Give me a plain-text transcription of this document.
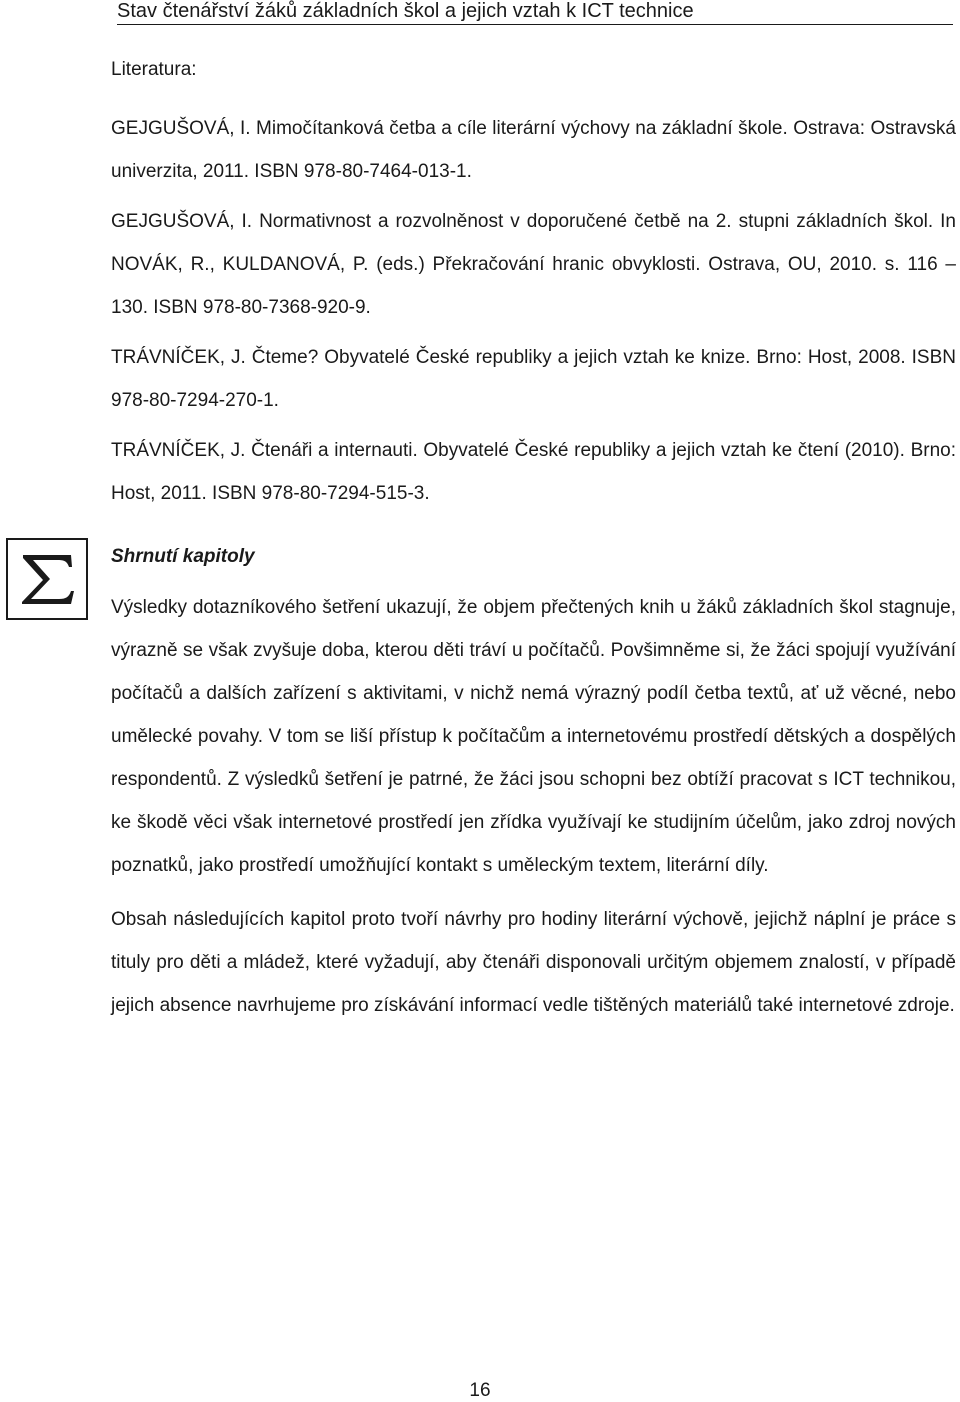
Stav čtenářství žáků základních škol a jejich vztah k ICT technice

Literatura:

GEJGUŠOVÁ, I. Mimočítanková četba a cíle literární výchovy na základní škole. Ostrava: Ostravská univerzita, 2011. ISBN 978-80-7464-013-1.

GEJGUŠOVÁ, I. Normativnost a rozvolněnost v doporučené četbě na 2. stupni základních škol. In NOVÁK, R., KULDANOVÁ, P. (eds.) Překračování hranic obvyklosti. Ostrava, OU, 2010. s. 116 – 130. ISBN 978-80-7368-920-9.

TRÁVNÍČEK, J. Čteme? Obyvatelé České republiky a jejich vztah ke knize. Brno: Host, 2008. ISBN 978-80-7294-270-1.

TRÁVNÍČEK, J. Čtenáři a internauti. Obyvatelé České republiky a jejich vztah ke čtení (2010). Brno: Host, 2011. ISBN 978-80-7294-515-3.

Shrnutí kapitoly

Výsledky dotazníkového šetření ukazují, že objem přečtených knih u žáků základních škol stagnuje, výrazně se však zvyšuje doba, kterou děti tráví u počítačů. Povšimněme si, že žáci spojují využívání počítačů a dalších zařízení s aktivitami, v nichž nemá výrazný podíl četba textů, ať už věcné, nebo umělecké povahy. V tom se liší přístup k počítačům a internetovému prostředí dětských a dospělých respondentů. Z výsledků šetření je patrné, že žáci jsou schopni bez obtíží pracovat s ICT technikou, ke škodě věci však internetové prostředí jen zřídka využívají ke studijním účelům, jako zdroj nových poznatků, jako prostředí umožňující kontakt s uměleckým textem, literární díly.

Obsah následujících kapitol proto tvoří návrhy pro hodiny literární výchově, jejichž náplní je práce s tituly pro děti a mládež, které vyžadují, aby čtenáři disponovali určitým objemem znalostí, v případě jejich absence navrhujeme pro získávání informací vedle tištěných materiálů také internetové zdroje.

16
